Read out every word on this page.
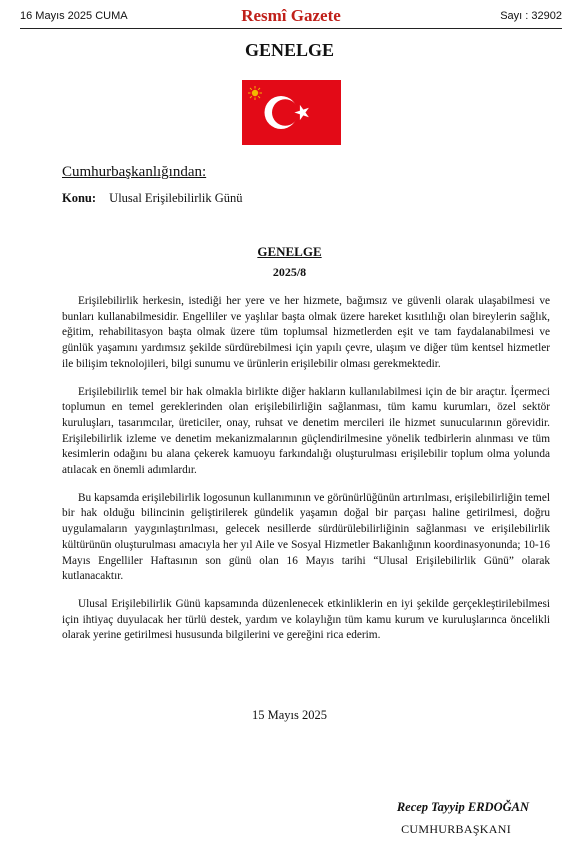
16 Mayıs 2025 CUMA	Resmî Gazete	Sayı : 32902
GENELGE
Cumhurbaşkanlığından:
Konu: Ulusal Erişilebilirlik Günü
GENELGE
2025/8

Erişilebilirlik herkesin, istediği her yere ve her hizmete, bağımsız ve güvenli olarak ulaşabilmesi ve bunları kullanabilmesidir. Engelliler ve yaşlılar başta olmak üzere hareket kısıtlılığı olan bireylerin sağlık, eğitim, rehabilitasyon başta olmak üzere tüm toplumsal hizmetlerden eşit ve tam faydalanabilmesi ve günlük yaşamını yardımsız şekilde sürdürebilmesi için yapılı çevre, ulaşım ve diğer tüm kentsel hizmetler ile bilişim teknolojileri, bilgi sunumu ve ürünlerin erişilebilir olması gerekmektedir.

Erişilebilirlik temel bir hak olmakla birlikte diğer hakların kullanılabilmesi için de bir araçtır. İçermeci toplumun en temel gereklerinden olan erişilebilirliğin sağlanması, tüm kamu kurumları, özel sektör kuruluşları, tasarımcılar, üreticiler, onay, ruhsat ve denetim mercileri ile hizmet sunucularının görevidir. Erişilebilirlik izleme ve denetim mekanizmalarının güçlendirilmesine yönelik tedbirlerin alınması ve tüm kesimlerin odağını bu alana çekerek kamuoyu farkındalığı oluşturulması erişilebilir toplum olma yolunda atılacak en önemli adımlardır.

Bu kapsamda erişilebilirlik logosunun kullanımının ve görünürlüğünün artırılması, erişilebilirliğin temel bir hak olduğu bilincinin geliştirilerek gündelik yaşamın doğal bir parçası haline getirilmesi, doğru uygulamaların yaygınlaştırılması, gelecek nesillerde sürdürülebilirliğinin sağlanması ve erişilebilirlik kültürünün oluşturulması amacıyla her yıl Aile ve Sosyal Hizmetler Bakanlığının koordinasyonunda; 10-16 Mayıs Engelliler Haftasının son günü olan 16 Mayıs tarihi “Ulusal Erişilebilirlik Günü” olarak kutlanacaktır.

Ulusal Erişilebilirlik Günü kapsamında düzenlenecek etkinliklerin en iyi şekilde gerçekleştirilebilmesi için ihtiyaç duyulacak her türlü destek, yardım ve kolaylığın tüm kamu kurum ve kuruluşlarınca öncelikli olarak yerine getirilmesi hususunda bilgilerini ve gereğini rica ederim.

15 Mayıs 2025
Recep Tayyip ERDOĞAN
CUMHURBAŞKANI
